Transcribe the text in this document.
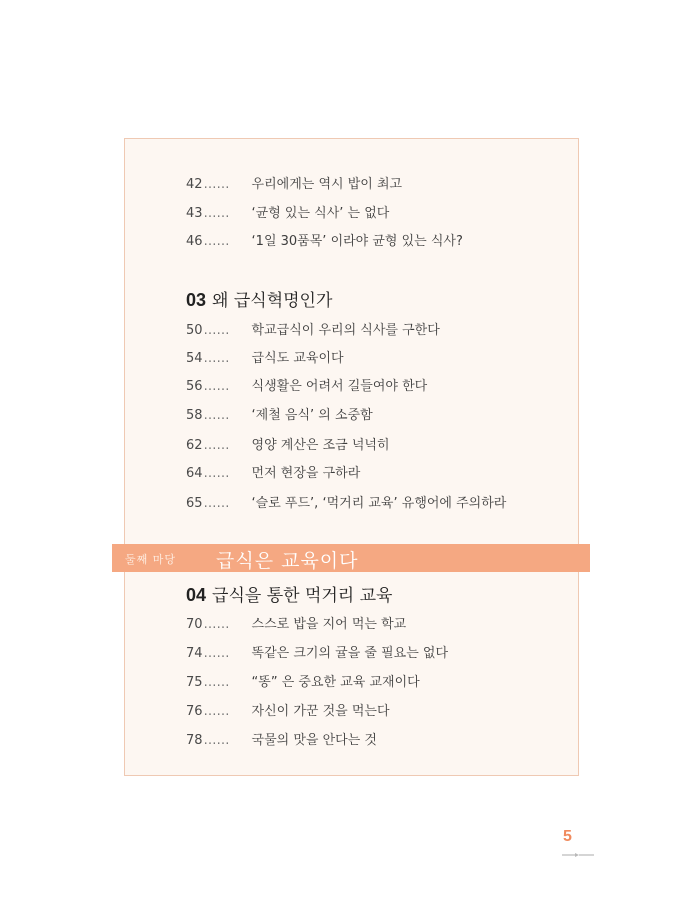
42…… 우리에게는 역시 밥이 최고
43…… ‘균형 있는 식사’ 는 없다
46…… ‘1일 30품목’ 이라야 균형 있는 식사?
03 왜 급식혁명인가
50…… 학교급식이 우리의 식사를 구한다
54…… 급식도 교육이다
56…… 식생활은 어려서 길들여야 한다
58…… ‘제철 음식’ 의 소중함
62…… 영양 계산은 조금 넉넉히
64…… 먼저 현장을 구하라
65…… ‘슬로 푸드’, ‘먹거리 교육’ 유행어에 주의하라
둘째 마당 급식은 교육이다
04 급식을 통한 먹거리 교육
70…… 스스로 밥을 지어 먹는 학교
74…… 똑같은 크기의 귤을 줄 필요는 없다
75…… “똥” 은 중요한 교육 교재이다
76…… 자신이 가꾼 것을 먹는다
78…… 국물의 맛을 안다는 것
5
